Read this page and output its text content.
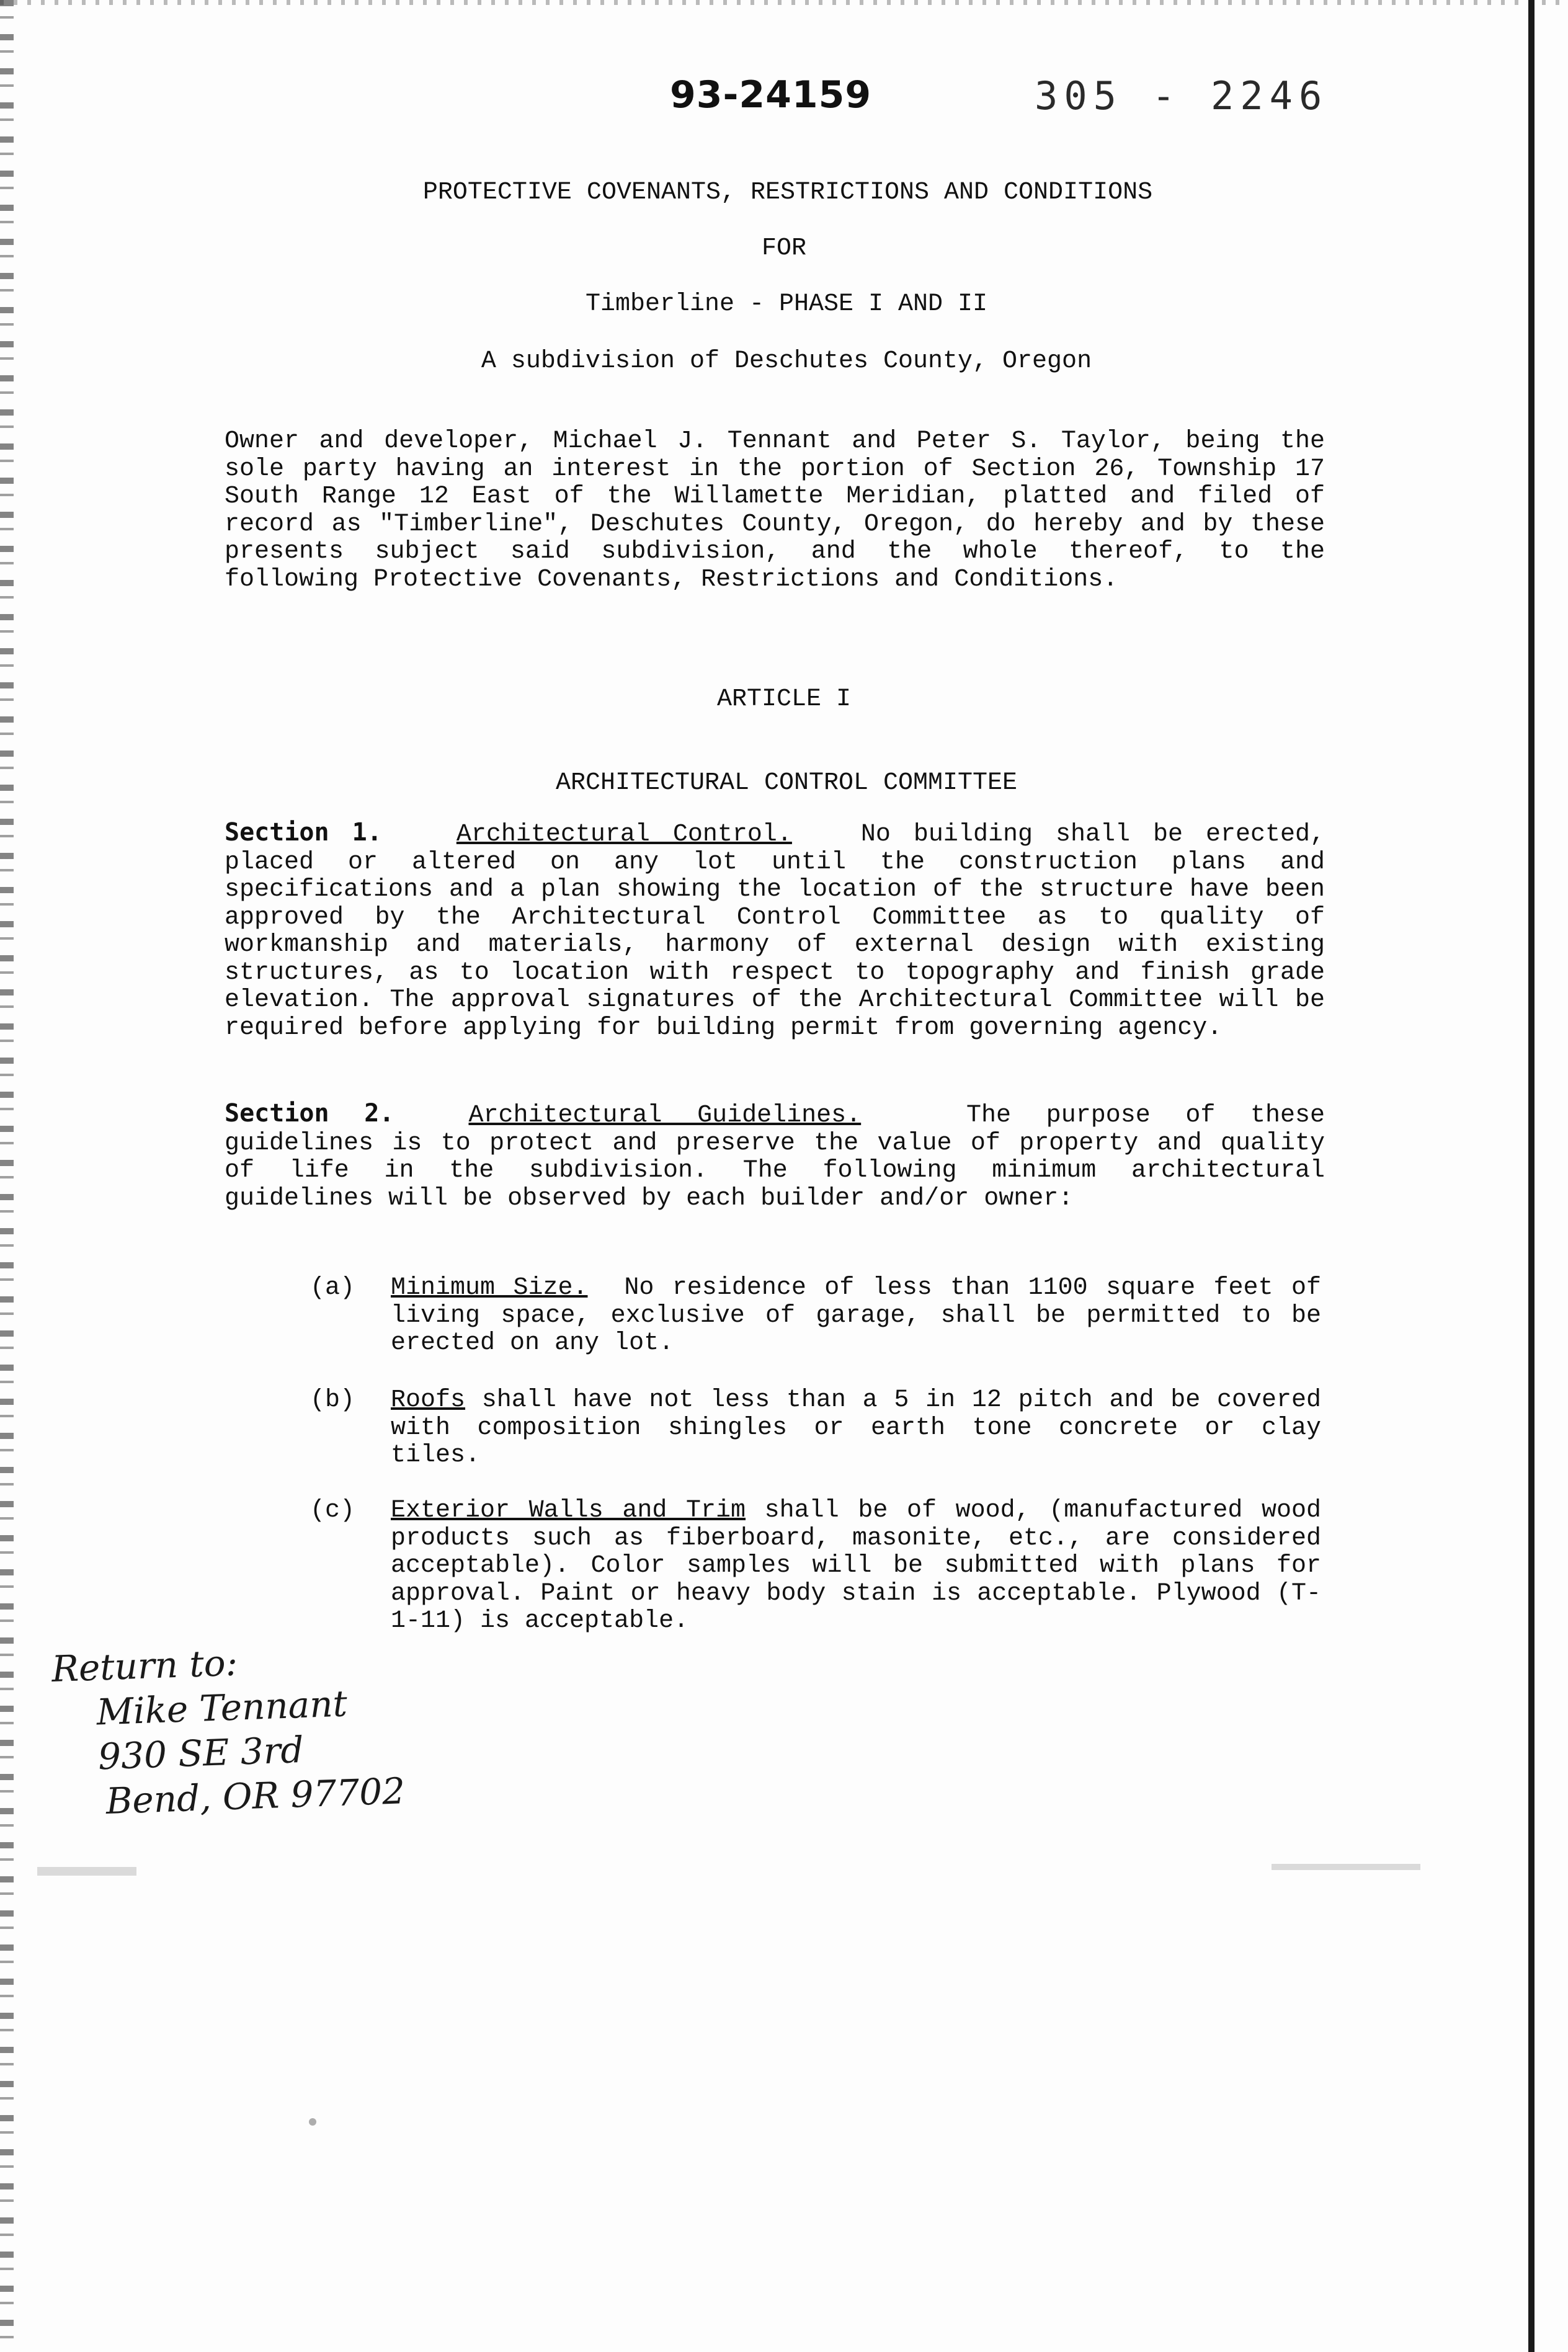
93-24159	305 - 2246
PROTECTIVE COVENANTS, RESTRICTIONS AND CONDITIONS
FOR
Timberline - PHASE I AND II
A subdivision of Deschutes County, Oregon
Owner and developer, Michael J. Tennant and Peter S. Taylor, being the sole party having an interest in the portion of Section 26, Township 17 South Range 12 East of the Willamette Meridian, platted and filed of record as "Timberline", Deschutes County, Oregon, do hereby and by these presents subject said subdivision, and the whole thereof, to the following Protective Covenants, Restrictions and Conditions.
ARTICLE I
ARCHITECTURAL CONTROL COMMITTEE
Section 1.	Architectural Control.	No building shall be erected, placed or altered on any lot until the construction plans and specifications and a plan showing the location of the structure have been approved by the Architectural Control Committee as to quality of workmanship and materials, harmony of external design with existing structures, as to location with respect to topography and finish grade elevation. The approval signatures of the Architectural Committee will be required before applying for building permit from governing agency.
Section 2.	Architectural Guidelines.	The purpose of these guidelines is to protect and preserve the value of property and quality of life in the subdivision. The following minimum architectural guidelines will be observed by each builder and/or owner:
(a)	Minimum Size. No residence of less than 1100 square feet of living space, exclusive of garage, shall be permitted to be erected on any lot.
(b)	Roofs shall have not less than a 5 in 12 pitch and be covered with composition shingles or earth tone concrete or clay tiles.
(c)	Exterior Walls and Trim shall be of wood, (manufactured wood products such as fiberboard, masonite, etc., are considered acceptable). Color samples will be submitted with plans for approval. Paint or heavy body stain is acceptable. Plywood (T-1-11) is acceptable.
Return to:
Mike Tennant
930 SE 3rd
Bend, OR 97702
